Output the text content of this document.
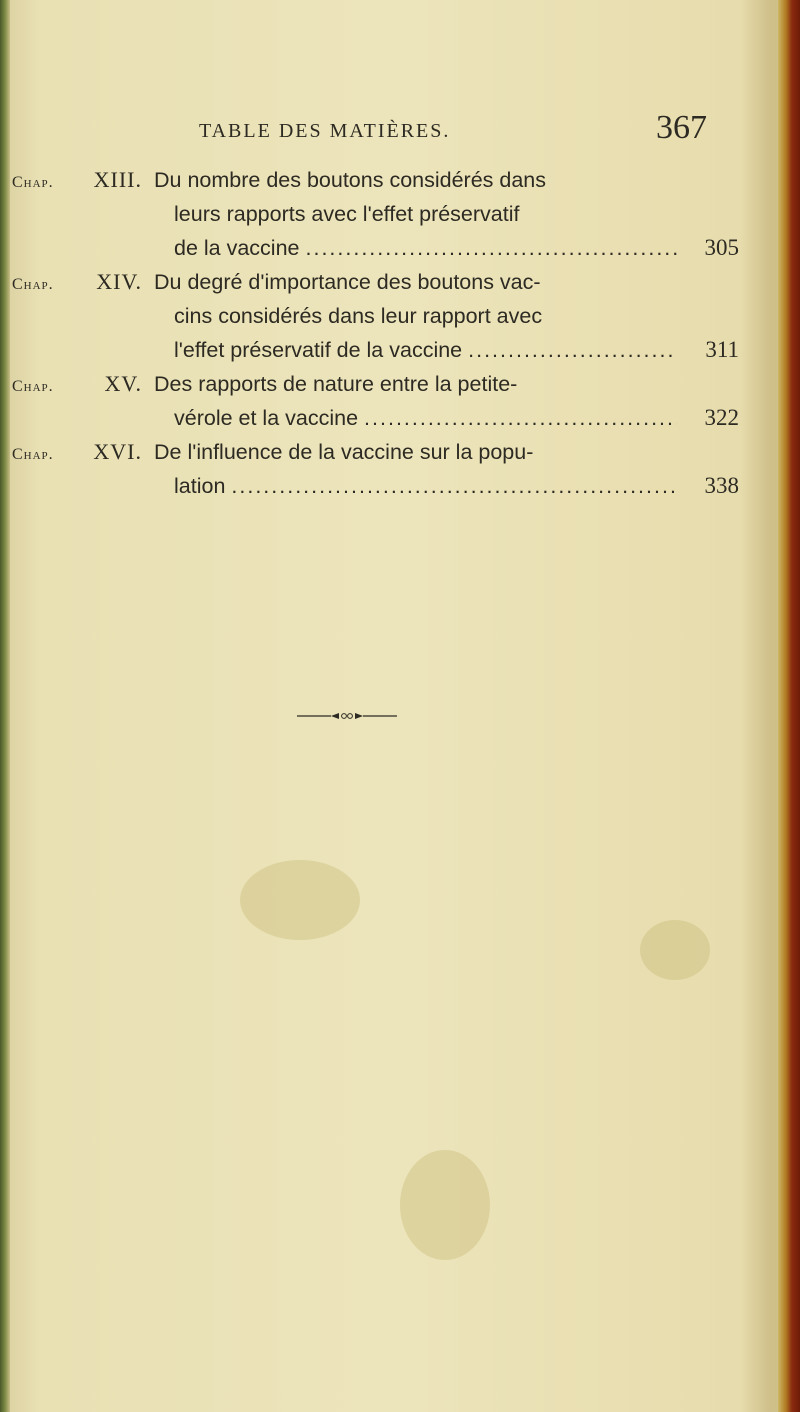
TABLE DES MATIÈRES.	367
Chap. XIII. Du nombre des boutons considérés dans
leurs rapports avec l'effet préservatif
de la vaccine .....	305
Chap. XIV. Du degré d'importance des boutons vac-
cins considérés dans leur rapport avec
l'effet préservatif de la vaccine .....	311
Chap. XV. Des rapports de nature entre la petite-
vérole et la vaccine .....	322
Chap. XVI. De l'influence de la vaccine sur la popu-
lation .....	338
